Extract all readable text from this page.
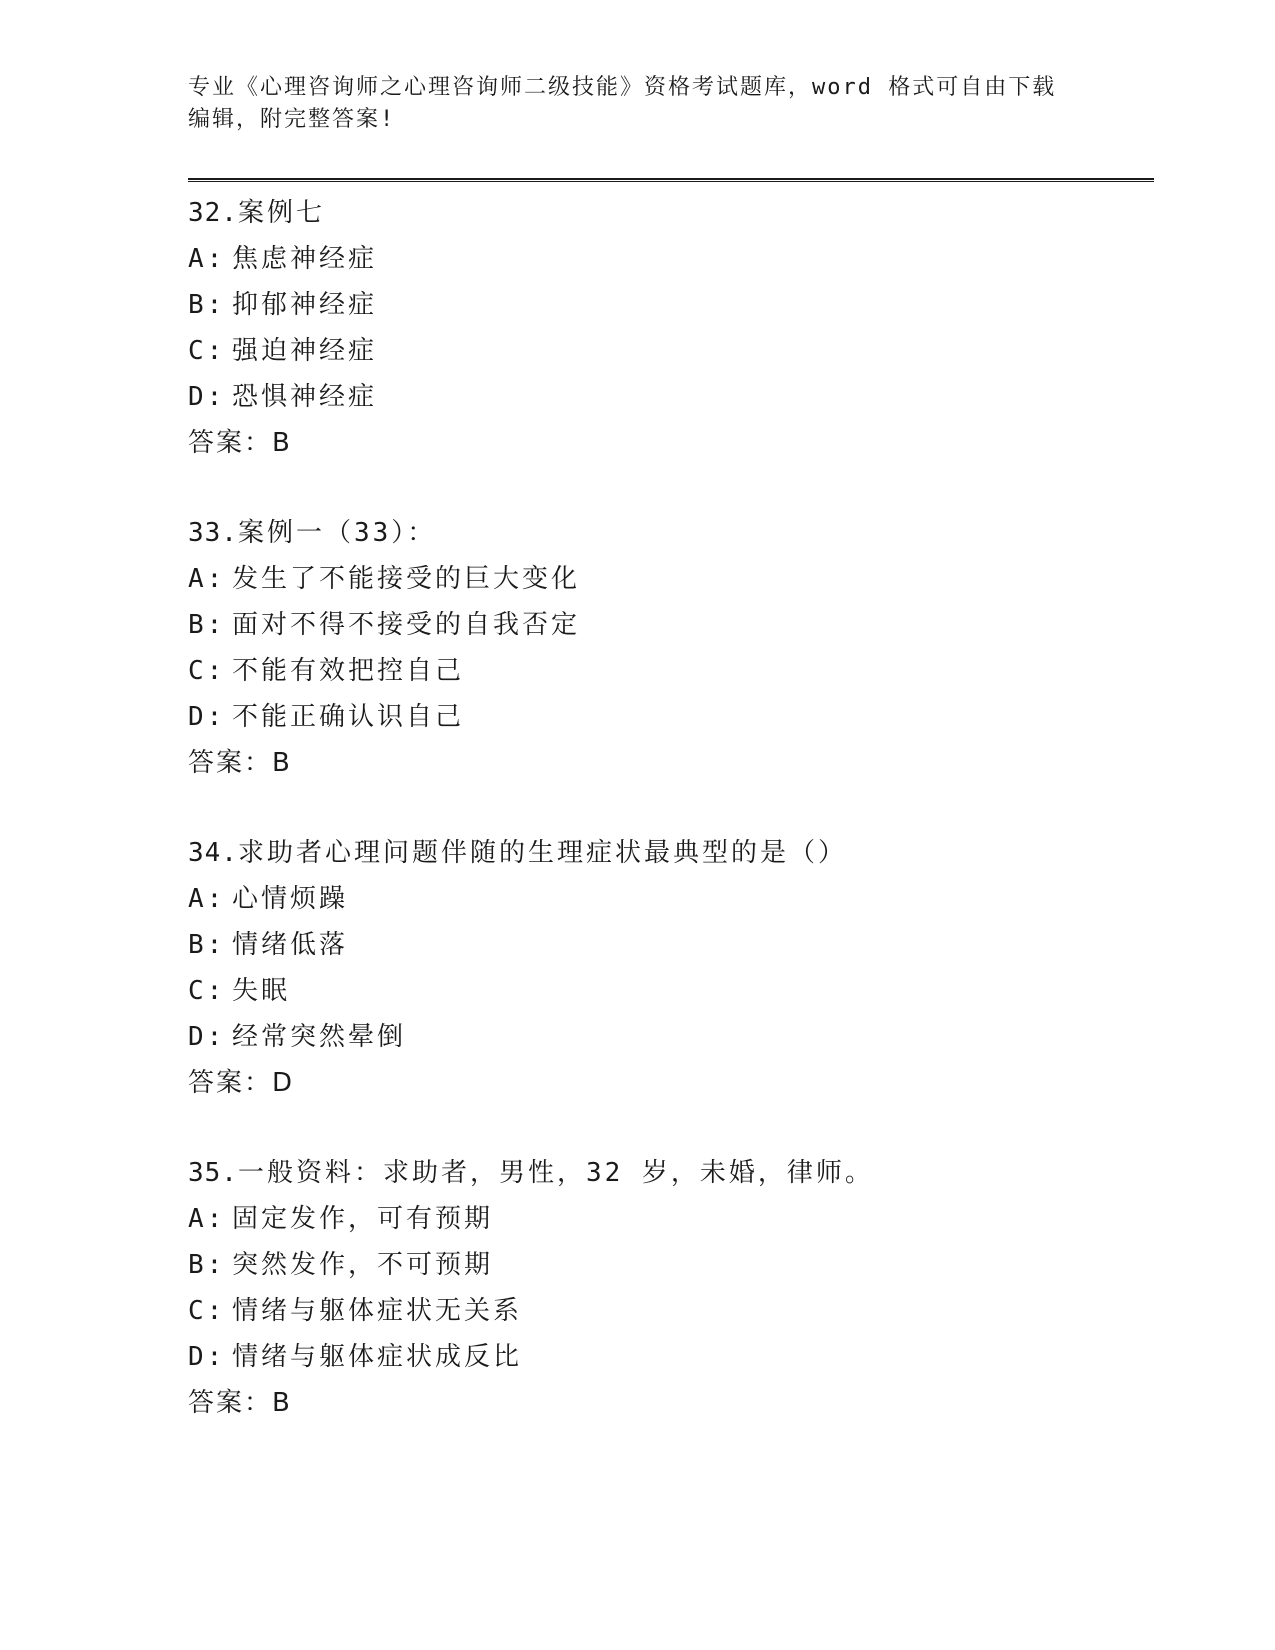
专业《心理咨询师之心理咨询师二级技能》资格考试题库，word 格式可自由下载
编辑，附完整答案!
32.案例七
A: 焦虑神经症
B: 抑郁神经症
C: 强迫神经症
D: 恐惧神经症
答案：B
33.案例一（33）：
A: 发生了不能接受的巨大变化
B: 面对不得不接受的自我否定
C: 不能有效把控自己
D: 不能正确认识自己
答案：B
34.求助者心理问题伴随的生理症状最典型的是（）
A: 心情烦躁
B: 情绪低落
C: 失眠
D: 经常突然晕倒
答案：D
35.一般资料：求助者，男性，32 岁，未婚，律师。
A: 固定发作，可有预期
B: 突然发作，不可预期
C: 情绪与躯体症状无关系
D: 情绪与躯体症状成反比
答案：B
